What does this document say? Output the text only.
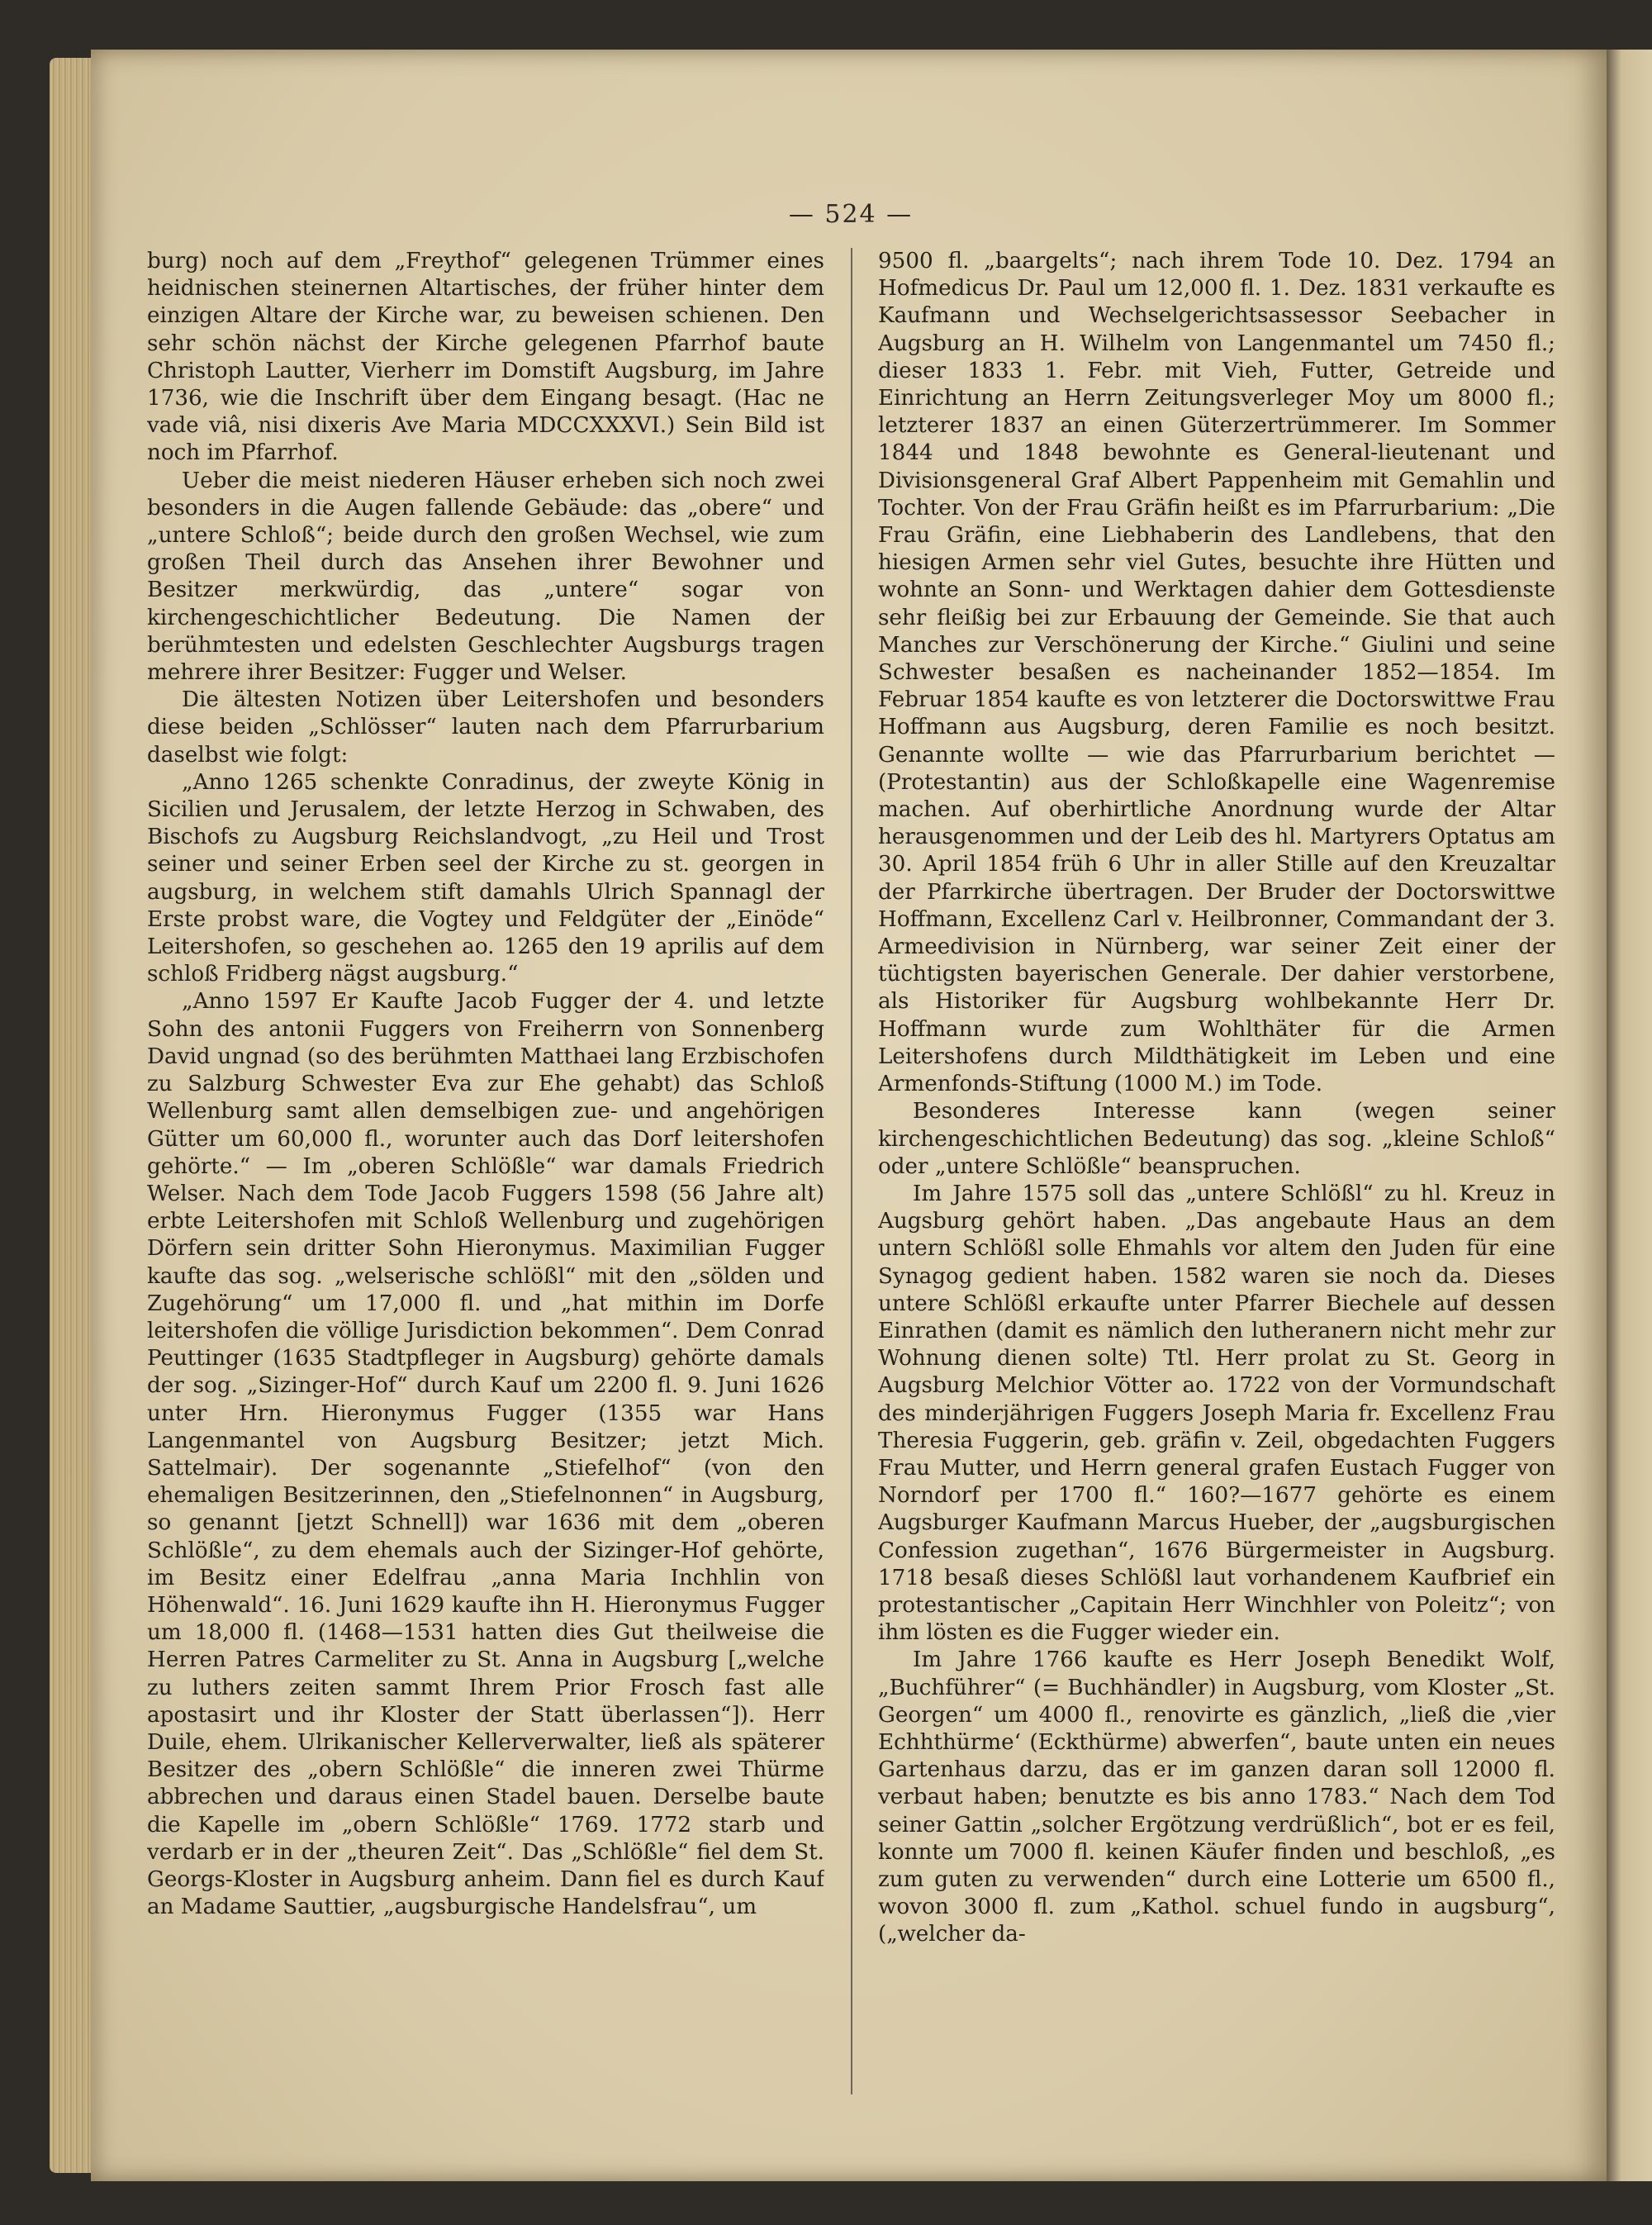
— 524 —

burg) noch auf dem „Freythof“ gelegenen Trümmer eines heidnischen steinernen Altartisches, der früher hinter dem einzigen Altare der Kirche war, zu beweisen schienen. Den sehr schön nächst der Kirche gelegenen Pfarrhof baute Christoph Lautter, Vierherr im Domstift Augsburg, im Jahre 1736, wie die Inschrift über dem Eingang besagt. (Hac ne vade viâ, nisi dixeris Ave Maria MDCCXXXVI.) Sein Bild ist noch im Pfarrhof.

Ueber die meist niederen Häuser erheben sich noch zwei besonders in die Augen fallende Gebäude: das „obere“ und „untere Schloß“; beide durch den großen Wechsel, wie zum großen Theil durch das Ansehen ihrer Bewohner und Besitzer merkwürdig, das „untere“ sogar von kirchengeschichtlicher Bedeutung. Die Namen der berühmtesten und edelsten Geschlechter Augsburgs tragen mehrere ihrer Besitzer: Fugger und Welser.

Die ältesten Notizen über Leitershofen und besonders diese beiden „Schlösser“ lauten nach dem Pfarrurbarium daselbst wie folgt:

„Anno 1265 schenkte Conradinus, der zweyte König in Sicilien und Jerusalem, der letzte Herzog in Schwaben, des Bischofs zu Augsburg Reichslandvogt, „zu Heil und Trost seiner und seiner Erben seel der Kirche zu st. georgen in augsburg, in welchem stift damahls Ulrich Spannagl der Erste probst ware, die Vogtey und Feldgüter der „Einöde“ Leitershofen, so geschehen ao. 1265 den 19 aprilis auf dem schloß Fridberg nägst augsburg.“

„Anno 1597 Er Kaufte Jacob Fugger der 4. und letzte Sohn des antonii Fuggers von Freiherrn von Sonnenberg David ungnad (so des berühmten Matthaei lang Erzbischofen zu Salzburg Schwester Eva zur Ehe gehabt) das Schloß Wellenburg samt allen demselbigen zue- und angehörigen Gütter um 60,000 fl., worunter auch das Dorf leitershofen gehörte.“ — Im „oberen Schlößle“ war damals Friedrich Welser. Nach dem Tode Jacob Fuggers 1598 (56 Jahre alt) erbte Leitershofen mit Schloß Wellenburg und zugehörigen Dörfern sein dritter Sohn Hieronymus. Maximilian Fugger kaufte das sog. „welserische schlößl“ mit den „sölden und Zugehörung“ um 17,000 fl. und „hat mithin im Dorfe leitershofen die völlige Jurisdiction bekommen“. Dem Conrad Peuttinger (1635 Stadtpfleger in Augsburg) gehörte damals der sog. „Sizinger-Hof“ durch Kauf um 2200 fl. 9. Juni 1626 unter Hrn. Hieronymus Fugger (1355 war Hans Langenmantel von Augsburg Besitzer; jetzt Mich. Sattelmair). Der sogenannte „Stiefelhof“ (von den ehemaligen Besitzerinnen, den „Stiefelnonnen“ in Augsburg, so genannt [jetzt Schnell]) war 1636 mit dem „oberen Schlößle“, zu dem ehemals auch der Sizinger-Hof gehörte, im Besitz einer Edelfrau „anna Maria Inchhlin von Höhenwald“. 16. Juni 1629 kaufte ihn H. Hieronymus Fugger um 18,000 fl. (1468—1531 hatten dies Gut theilweise die Herren Patres Carmeliter zu St. Anna in Augsburg [„welche zu luthers zeiten sammt Ihrem Prior Frosch fast alle apostasirt und ihr Kloster der Statt überlassen“]). Herr Duile, ehem. Ulrikanischer Kellerverwalter, ließ als späterer Besitzer des „obern Schlößle“ die inneren zwei Thürme abbrechen und daraus einen Stadel bauen. Derselbe baute die Kapelle im „obern Schlößle“ 1769. 1772 starb und verdarb er in der „theuren Zeit“. Das „Schlößle“ fiel dem St. Georgs-Kloster in Augsburg anheim. Dann fiel es durch Kauf an Madame Sauttier, „augsburgische Handelsfrau“, um

9500 fl. „baargelts“; nach ihrem Tode 10. Dez. 1794 an Hofmedicus Dr. Paul um 12,000 fl. 1. Dez. 1831 verkaufte es Kaufmann und Wechselgerichtsassessor Seebacher in Augsburg an H. Wilhelm von Langenmantel um 7450 fl.; dieser 1833 1. Febr. mit Vieh, Futter, Getreide und Einrichtung an Herrn Zeitungsverleger Moy um 8000 fl.; letzterer 1837 an einen Güterzertrümmerer. Im Sommer 1844 und 1848 bewohnte es General-lieutenant und Divisionsgeneral Graf Albert Pappenheim mit Gemahlin und Tochter. Von der Frau Gräfin heißt es im Pfarrurbarium: „Die Frau Gräfin, eine Liebhaberin des Landlebens, that den hiesigen Armen sehr viel Gutes, besuchte ihre Hütten und wohnte an Sonn- und Werktagen dahier dem Gottesdienste sehr fleißig bei zur Erbauung der Gemeinde. Sie that auch Manches zur Verschönerung der Kirche.“ Giulini und seine Schwester besaßen es nacheinander 1852—1854. Im Februar 1854 kaufte es von letzterer die Doctorswittwe Frau Hoffmann aus Augsburg, deren Familie es noch besitzt. Genannte wollte — wie das Pfarrurbarium berichtet — (Protestantin) aus der Schloßkapelle eine Wagenremise machen. Auf oberhirtliche Anordnung wurde der Altar herausgenommen und der Leib des hl. Martyrers Optatus am 30. April 1854 früh 6 Uhr in aller Stille auf den Kreuzaltar der Pfarrkirche übertragen. Der Bruder der Doctorswittwe Hoffmann, Excellenz Carl v. Heilbronner, Commandant der 3. Armeedivision in Nürnberg, war seiner Zeit einer der tüchtigsten bayerischen Generale. Der dahier verstorbene, als Historiker für Augsburg wohlbekannte Herr Dr. Hoffmann wurde zum Wohlthäter für die Armen Leitershofens durch Mildthätigkeit im Leben und eine Armenfonds-Stiftung (1000 M.) im Tode.

Besonderes Interesse kann (wegen seiner kirchengeschichtlichen Bedeutung) das sog. „kleine Schloß“ oder „untere Schlößle“ beanspruchen.

Im Jahre 1575 soll das „untere Schlößl“ zu hl. Kreuz in Augsburg gehört haben. „Das angebaute Haus an dem untern Schlößl solle Ehmahls vor altem den Juden für eine Synagog gedient haben. 1582 waren sie noch da. Dieses untere Schlößl erkaufte unter Pfarrer Biechele auf dessen Einrathen (damit es nämlich den lutheranern nicht mehr zur Wohnung dienen solte) Ttl. Herr prolat zu St. Georg in Augsburg Melchior Vötter ao. 1722 von der Vormundschaft des minderjährigen Fuggers Joseph Maria fr. Excellenz Frau Theresia Fuggerin, geb. gräfin v. Zeil, obgedachten Fuggers Frau Mutter, und Herrn general grafen Eustach Fugger von Norndorf per 1700 fl.“ 160?—1677 gehörte es einem Augsburger Kaufmann Marcus Hueber, der „augsburgischen Confession zugethan“, 1676 Bürgermeister in Augsburg. 1718 besaß dieses Schlößl laut vorhandenem Kaufbrief ein protestantischer „Capitain Herr Winchhler von Poleitz“; von ihm lösten es die Fugger wieder ein.

Im Jahre 1766 kaufte es Herr Joseph Benedikt Wolf, „Buchführer“ (= Buchhändler) in Augsburg, vom Kloster „St. Georgen“ um 4000 fl., renovirte es gänzlich, „ließ die ‚vier Echhthürme‘ (Eckthürme) abwerfen“, baute unten ein neues Gartenhaus darzu, das er im ganzen daran soll 12000 fl. verbaut haben; benutzte es bis anno 1783.“ Nach dem Tod seiner Gattin „solcher Ergötzung verdrüßlich“, bot er es feil, konnte um 7000 fl. keinen Käufer finden und beschloß, „es zum guten zu verwenden“ durch eine Lotterie um 6500 fl., wovon 3000 fl. zum „Kathol. schuel fundo in augsburg“, („welcher da-
